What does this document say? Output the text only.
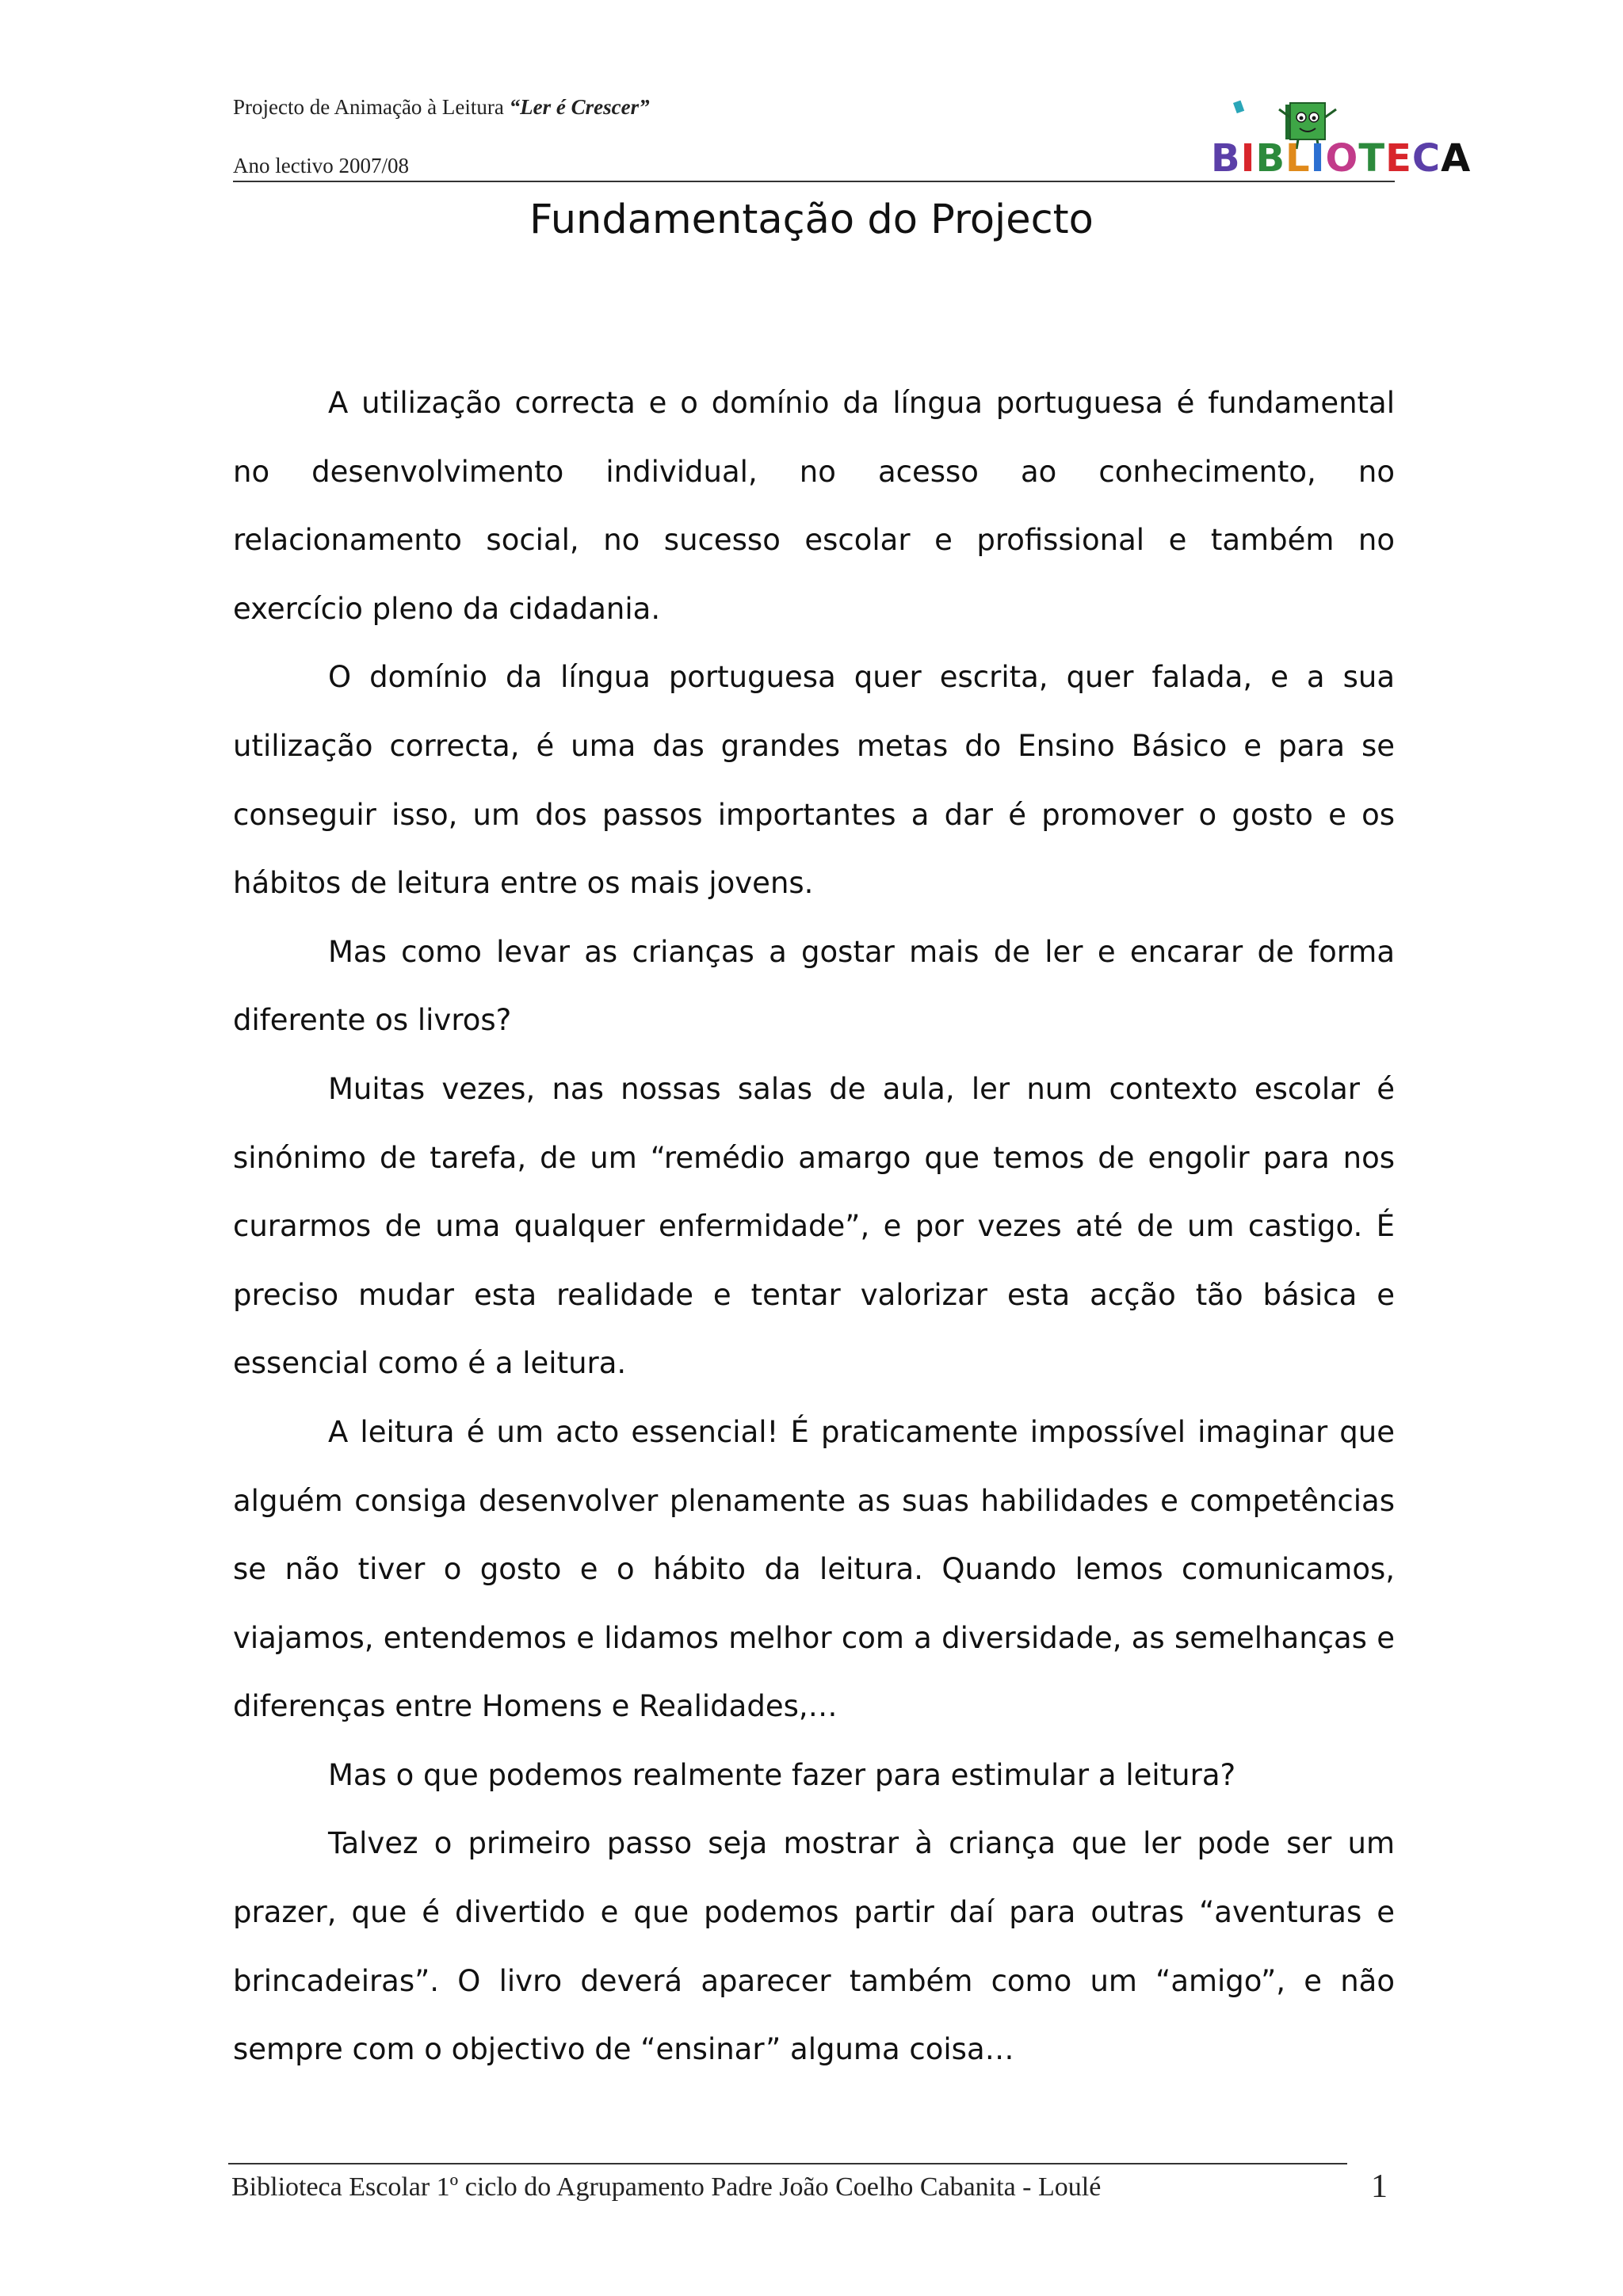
Projecto de Animação à Leitura “Ler é Crescer”
Ano lectivo 2007/08	BIBLIOTECA
Fundamentação do Projecto

A utilização correcta e o domínio da língua portuguesa é fundamental no desenvolvimento individual, no acesso ao conhecimento, no relacionamento social, no sucesso escolar e profissional e também no exercício pleno da cidadania.

O domínio da língua portuguesa quer escrita, quer falada, e a sua utilização correcta, é uma das grandes metas do Ensino Básico e para se conseguir isso, um dos passos importantes a dar é promover o gosto e os hábitos de leitura entre os mais jovens.

Mas como levar as crianças a gostar mais de ler e encarar de forma diferente os livros?

Muitas vezes, nas nossas salas de aula, ler num contexto escolar é sinónimo de tarefa, de um “remédio amargo que temos de engolir para nos curarmos de uma qualquer enfermidade”, e por vezes até de um castigo. É preciso mudar esta realidade e tentar valorizar esta acção tão básica e essencial como é a leitura.

A leitura é um acto essencial! É praticamente impossível imaginar que alguém consiga desenvolver plenamente as suas habilidades e competências se não tiver o gosto e o hábito da leitura. Quando lemos comunicamos, viajamos, entendemos e lidamos melhor com a diversidade, as semelhanças e diferenças entre Homens e Realidades,…

Mas o que podemos realmente fazer para estimular a leitura?

Talvez o primeiro passo seja mostrar à criança que ler pode ser um prazer, que é divertido e que podemos partir daí para outras “aventuras e brincadeiras”. O livro deverá aparecer também como um “amigo”, e não sempre com o objectivo de “ensinar” alguma coisa…

Biblioteca Escolar 1º ciclo do Agrupamento Padre João Coelho Cabanita - Loulé	1
